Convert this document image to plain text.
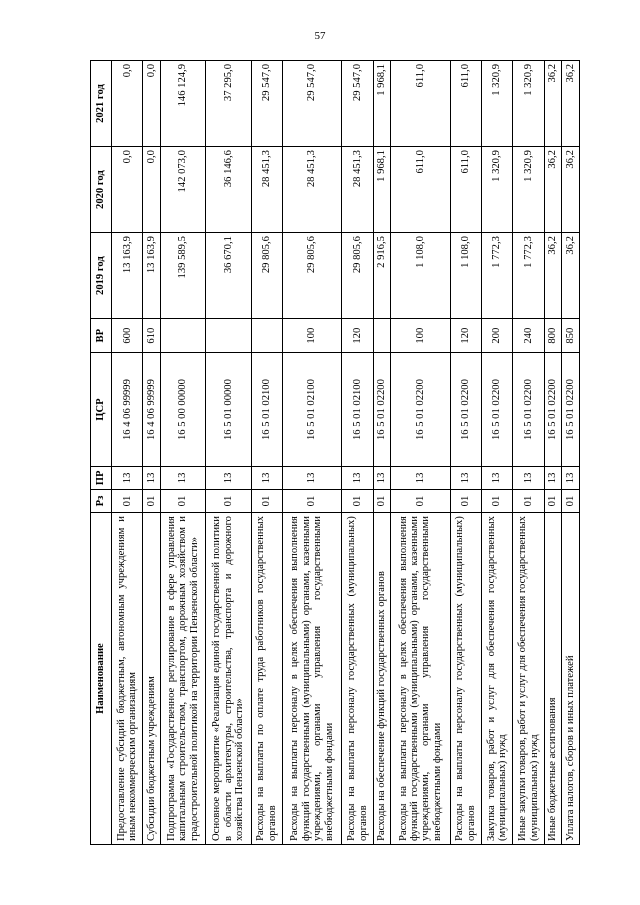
57
Наименование	Рз	ПР	ЦСР	ВР	2019 год	2020 год	2021 год
Предоставление субсидий бюджетным, автономным учреждениям и иным некоммерческим организациям	01	13	16 4 06 99999	600	13 163,9	0,0	0,0
Субсидии бюджетным учреждениям	01	13	16 4 06 99999	610	13 163,9	0,0	0,0
Подпрограмма «Государственное регулирование в сфере управления капитальным строительством, транспортом, дорожным хозяйством и градостроительной политикой на территории Пензенской области»	01	13	16 5 00 00000		139 589,5	142 073,0	146 124,9
Основное мероприятие «Реализация единой государственной политики в области архитектуры, строительства, транспорта и дорожного хозяйства Пензенской области»	01	13	16 5 01 00000		36 670,1	36 146,6	37 295,0
Расходы на выплаты по оплате труда работников государственных органов	01	13	16 5 01 02100		29 805,6	28 451,3	29 547,0
Расходы на выплаты персоналу в целях обеспечения выполнения функций государственными (муниципальными) органами, казенными учреждениями, органами управления государственными внебюджетными фондами	01	13	16 5 01 02100	100	29 805,6	28 451,3	29 547,0
Расходы на выплаты персоналу государственных (муниципальных) органов	01	13	16 5 01 02100	120	29 805,6	28 451,3	29 547,0
Расходы на обеспечение функций государственных органов	01	13	16 5 01 02200		2 916,5	1 968,1	1 968,1
Расходы на выплаты персоналу в целях обеспечения выполнения функций государственными (муниципальными) органами, казенными учреждениями, органами управления государственными внебюджетными фондами	01	13	16 5 01 02200	100	1 108,0	611,0	611,0
Расходы на выплаты персоналу государственных (муниципальных) органов	01	13	16 5 01 02200	120	1 108,0	611,0	611,0
Закупка товаров, работ и услуг для обеспечения государственных (муниципальных) нужд	01	13	16 5 01 02200	200	1 772,3	1 320,9	1 320,9
Иные закупки товаров, работ и услуг для обеспечения государственных (муниципальных) нужд	01	13	16 5 01 02200	240	1 772,3	1 320,9	1 320,9
Иные бюджетные ассигнования	01	13	16 5 01 02200	800	36,2	36,2	36,2
Уплата налогов, сборов и иных платежей	01	13	16 5 01 02200	850	36,2	36,2	36,2
